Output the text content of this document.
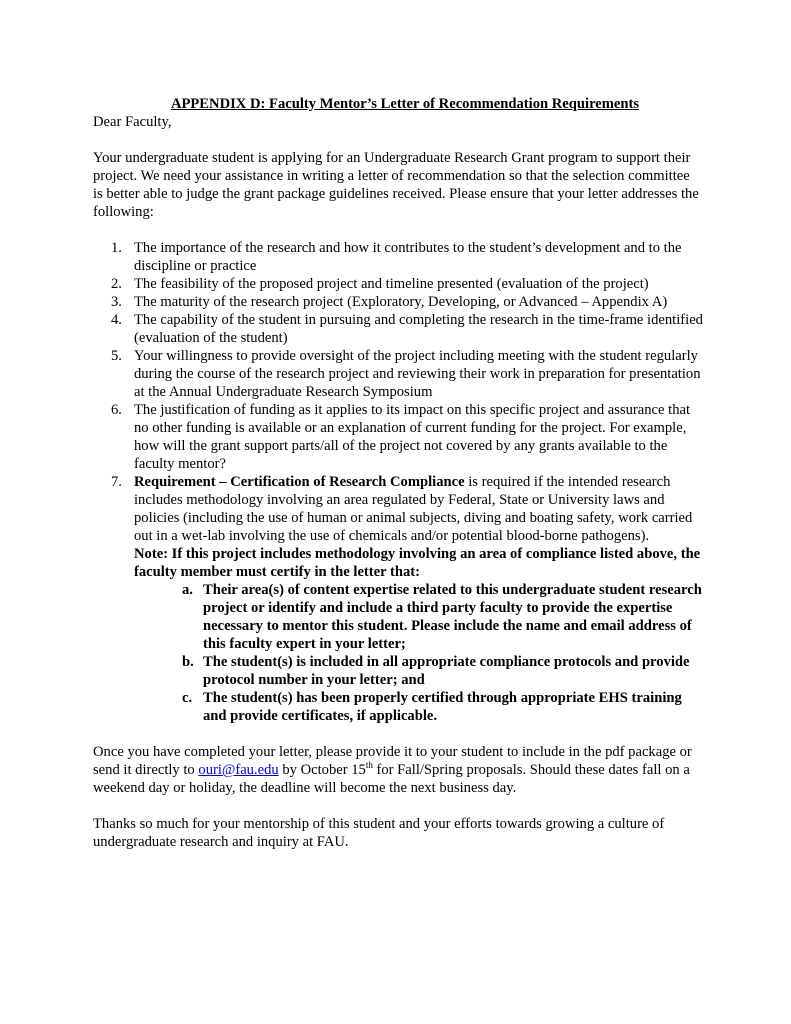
APPENDIX D: Faculty Mentor’s Letter of Recommendation Requirements

Dear Faculty,

Your undergraduate student is applying for an Undergraduate Research Grant program to support their project. We need your assistance in writing a letter of recommendation so that the selection committee is better able to judge the grant package guidelines received. Please ensure that your letter addresses the following:

1. The importance of the research and how it contributes to the student’s development and to the discipline or practice
2. The feasibility of the proposed project and timeline presented (evaluation of the project)
3. The maturity of the research project (Exploratory, Developing, or Advanced – Appendix A)
4. The capability of the student in pursuing and completing the research in the time-frame identified (evaluation of the student)
5. Your willingness to provide oversight of the project including meeting with the student regularly during the course of the research project and reviewing their work in preparation for presentation at the Annual Undergraduate Research Symposium
6. The justification of funding as it applies to its impact on this specific project and assurance that no other funding is available or an explanation of current funding for the project. For example, how will the grant support parts/all of the project not covered by any grants available to the faculty mentor?
7. Requirement – Certification of Research Compliance is required if the intended research includes methodology involving an area regulated by Federal, State or University laws and policies (including the use of human or animal subjects, diving and boating safety, work carried out in a wet-lab involving the use of chemicals and/or potential blood-borne pathogens).
Note: If this project includes methodology involving an area of compliance listed above, the faculty member must certify in the letter that:
a. Their area(s) of content expertise related to this undergraduate student research project or identify and include a third party faculty to provide the expertise necessary to mentor this student. Please include the name and email address of this faculty expert in your letter;
b. The student(s) is included in all appropriate compliance protocols and provide protocol number in your letter; and
c. The student(s) has been properly certified through appropriate EHS training and provide certificates, if applicable.

Once you have completed your letter, please provide it to your student to include in the pdf package or send it directly to ouri@fau.edu by October 15th for Fall/Spring proposals. Should these dates fall on a weekend day or holiday, the deadline will become the next business day.

Thanks so much for your mentorship of this student and your efforts towards growing a culture of undergraduate research and inquiry at FAU.
